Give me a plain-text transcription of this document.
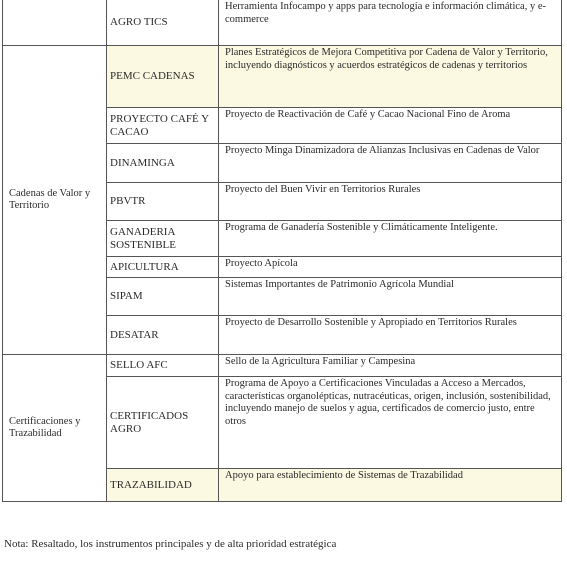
	AGRO TICS	Herramienta Infocampo y apps para tecnología e información climática, y e-commerce
Cadenas de Valor y Territorio	PEMC CADENAS	Planes Estratégicos de Mejora Competitiva por Cadena de Valor y Territorio, incluyendo diagnósticos y acuerdos estratégicos de cadenas y territorios
	PROYECTO CAFÉ Y CACAO	Proyecto de Reactivación de Café y Cacao Nacional Fino de Aroma
	DINAMINGA	Proyecto Minga Dinamizadora de Alianzas Inclusivas en Cadenas de Valor
	PBVTR	Proyecto del Buen Vivir en Territorios Rurales
	GANADERIA SOSTENIBLE	Programa de Ganadería Sostenible y Climáticamente Inteligente.
	APICULTURA	Proyecto Apícola
	SIPAM	Sistemas Importantes de Patrimonio Agrícola Mundial
	DESATAR	Proyecto de Desarrollo Sostenible y Apropiado en Territorios Rurales
Certificaciones y Trazabilidad	SELLO AFC	Sello de la Agricultura Familiar y Campesina
	CERTIFICADOS AGRO	Programa de Apoyo a Certificaciones Vinculadas a Acceso a Mercados, características organolépticas, nutracéuticas, origen, inclusión, sostenibilidad, incluyendo manejo de suelos y agua, certificados de comercio justo, entre otros
	TRAZABILIDAD	Apoyo para establecimiento de Sistemas de Trazabilidad
Nota: Resaltado, los instrumentos principales y de alta prioridad estratégica
